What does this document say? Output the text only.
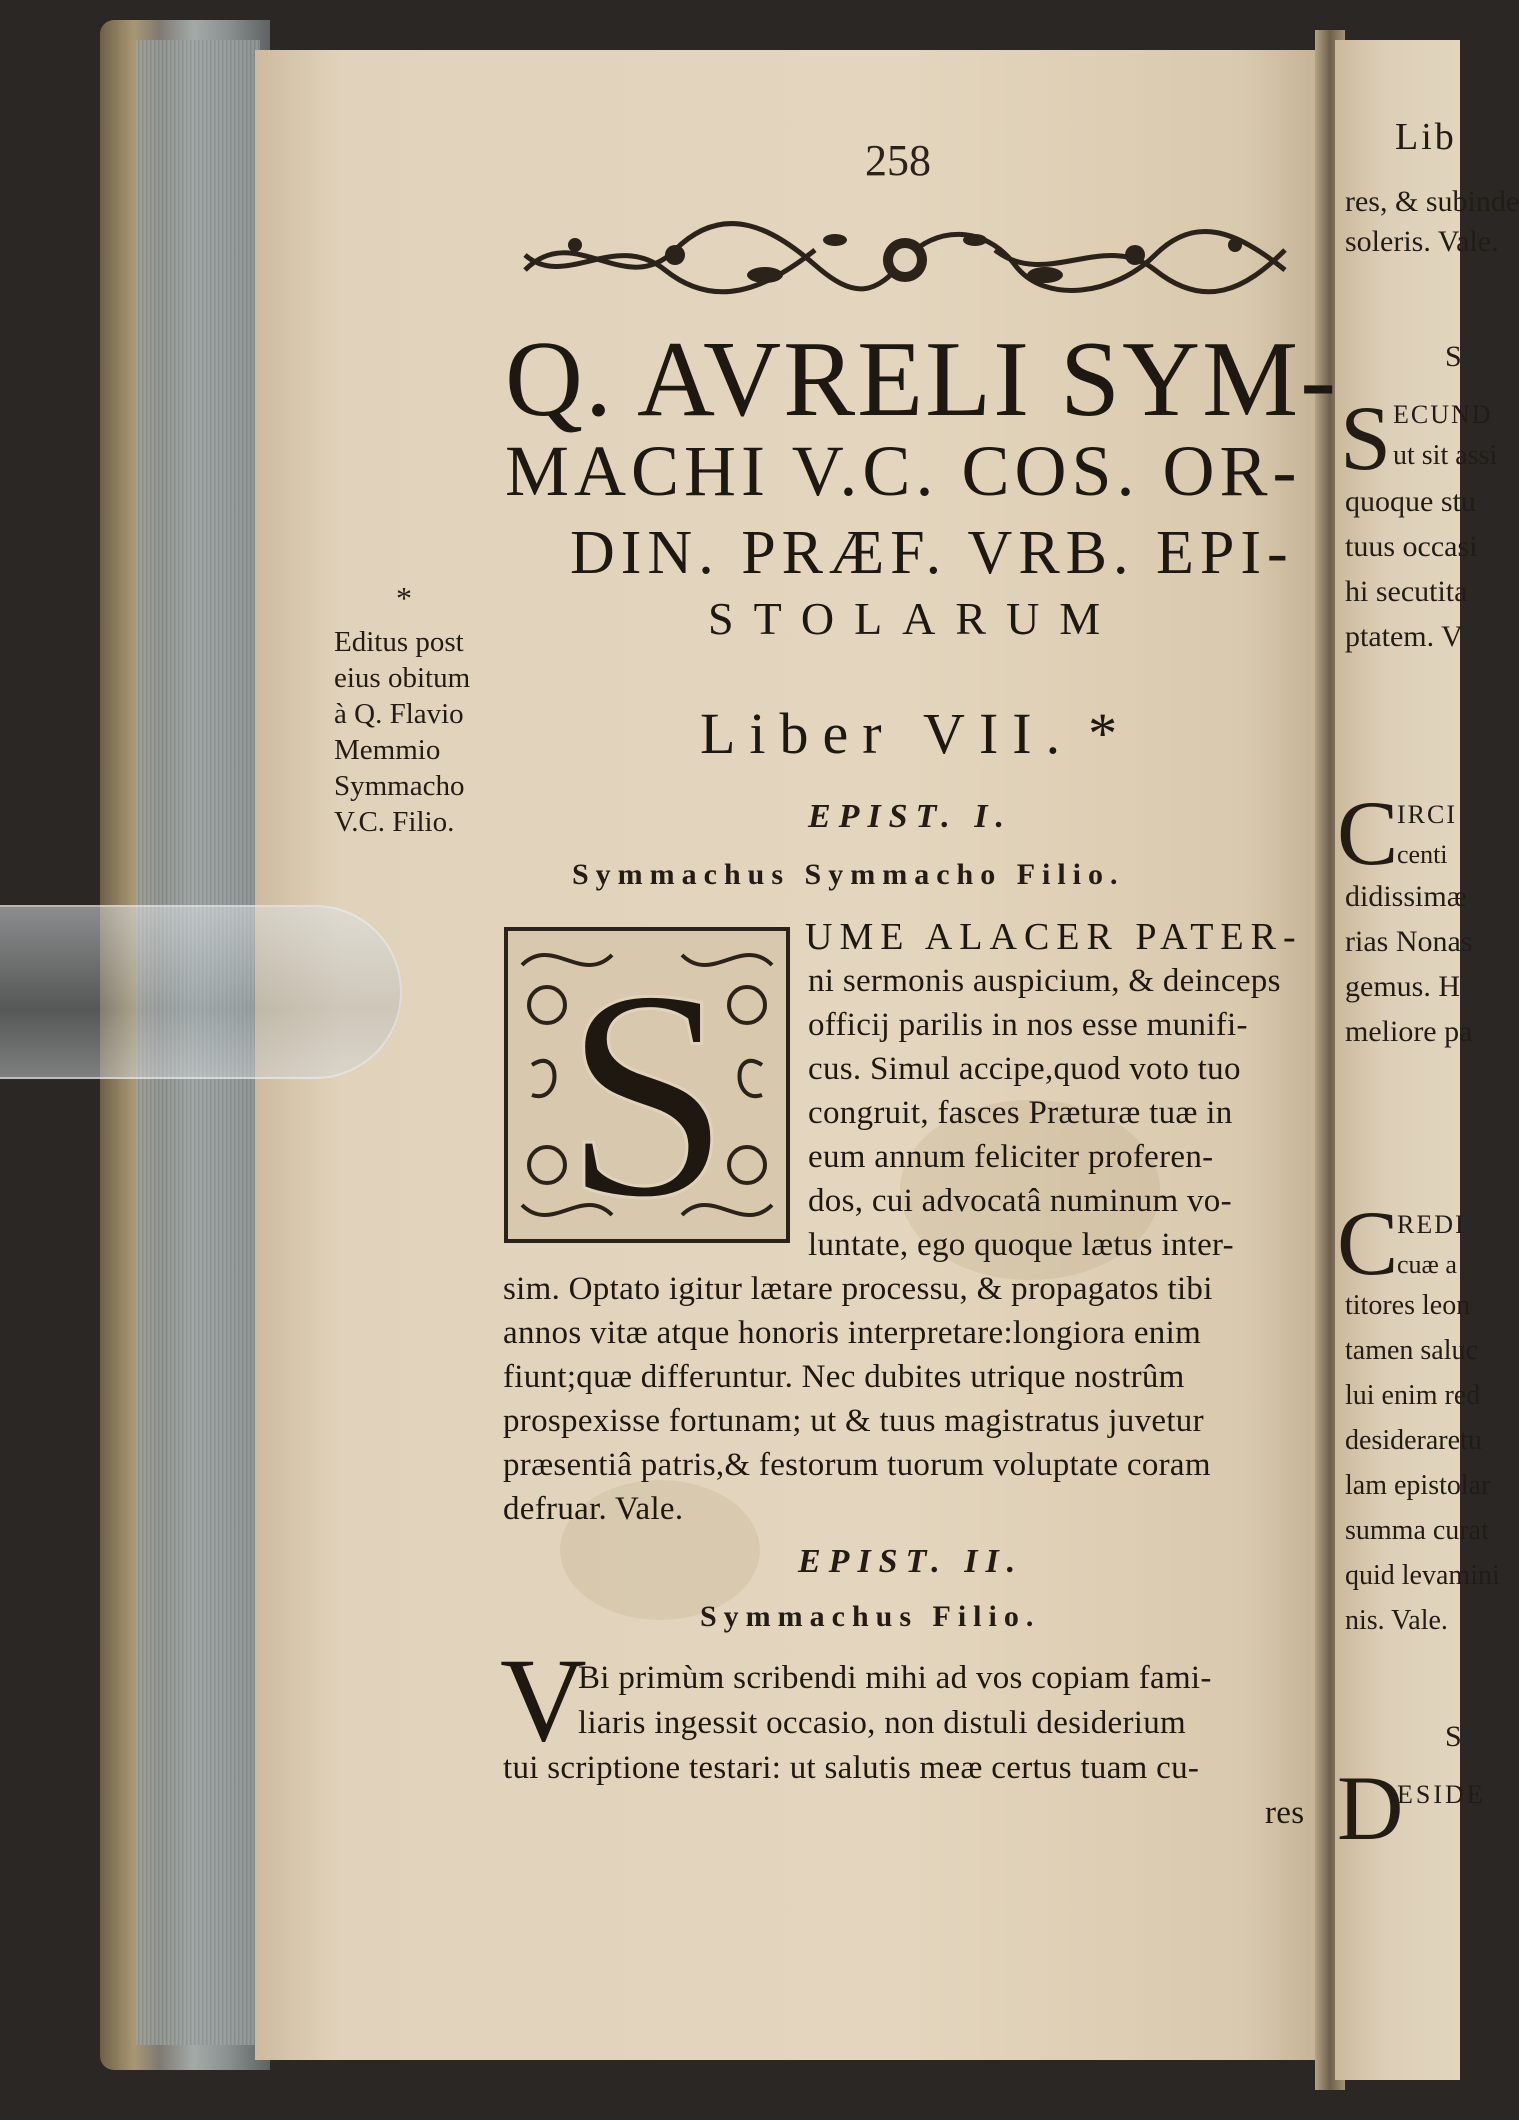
Lib
res, & subinde
soleris. Vale.
S
S ECUND
ut sit assi
quoque stu
tuus occasi
hi secutita
ptatem. V
C
IRCI
centi
didissimæ
rias Nonas
gemus. H
meliore pa
C
REDI
cuæ a
titores leon
tamen saluc
lui enim red
desideraretu
lam epistolar
summa curat
quid levamini
nis. Vale.
S
D
ESIDE
258
Q. AVRELI SYM-
MACHI V.C. COS. OR-
DIN. PRÆF. VRB. EPI-
STOLARUM
Liber VII. *
*
Editus post
eius obitum
à Q. Flavio
Memmio
Symmacho
V.C. Filio.	EPIST. I.
Symmachus Symmacho Filio.
S UME ALACER PATER-
ni sermonis auspicium, & deinceps
officij parilis in nos esse munifi-
cus. Simul accipe,quod voto tuo
congruit, fasces Præturæ tuæ in
eum annum feliciter proferen-
dos, cui advocatâ numinum vo-
luntate, ego quoque lætus inter-
sim. Optato igitur lætare processu, & propagatos tibi
annos vitæ atque honoris interpretare:longiora enim
fiunt;quæ differuntur. Nec dubites utrique nostrûm
prospexisse fortunam; ut & tuus magistratus juvetur
præsentiâ patris,& festorum tuorum voluptate coram
defruar. Vale.
EPIST. II.
Symmachus Filio.
V
Bi primùm scribendi mihi ad vos copiam fami-
liaris ingessit occasio, non distuli desiderium
tui scriptione testari: ut salutis meæ certus tuam cu-
res
